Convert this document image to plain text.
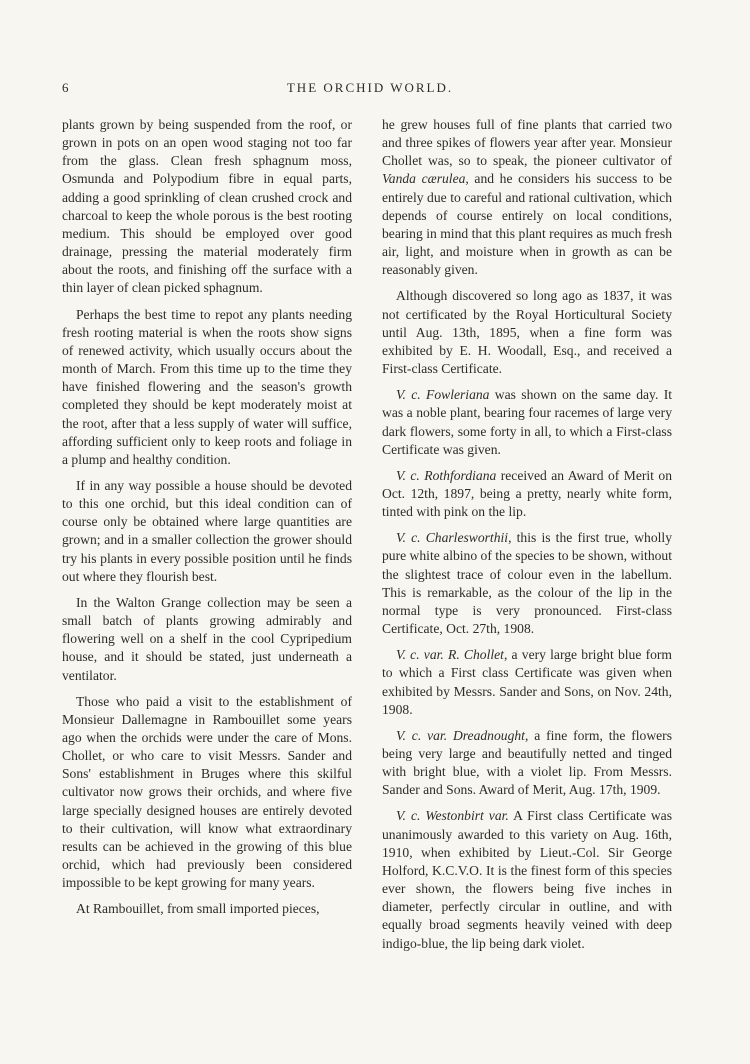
6	THE ORCHID WORLD.

plants grown by being suspended from the roof, or grown in pots on an open wood staging not too far from the glass. Clean fresh sphagnum moss, Osmunda and Polypodium fibre in equal parts, adding a good sprinkling of clean crushed crock and charcoal to keep the whole porous is the best rooting medium. This should be employed over good drainage, pressing the material moderately firm about the roots, and finishing off the surface with a thin layer of clean picked sphagnum.

Perhaps the best time to repot any plants needing fresh rooting material is when the roots show signs of renewed activity, which usually occurs about the month of March. From this time up to the time they have finished flowering and the season's growth completed they should be kept moderately moist at the root, after that a less supply of water will suffice, affording sufficient only to keep roots and foliage in a plump and healthy condition.

If in any way possible a house should be devoted to this one orchid, but this ideal condition can of course only be obtained where large quantities are grown; and in a smaller collection the grower should try his plants in every possible position until he finds out where they flourish best.

In the Walton Grange collection may be seen a small batch of plants growing admirably and flowering well on a shelf in the cool Cypripedium house, and it should be stated, just underneath a ventilator.

Those who paid a visit to the establishment of Monsieur Dallemagne in Rambouillet some years ago when the orchids were under the care of Mons. Chollet, or who care to visit Messrs. Sander and Sons' establishment in Bruges where this skilful cultivator now grows their orchids, and where five large specially designed houses are entirely devoted to their cultivation, will know what extraordinary results can be achieved in the growing of this blue orchid, which had previously been considered impossible to be kept growing for many years.

At Rambouillet, from small imported pieces,

he grew houses full of fine plants that carried two and three spikes of flowers year after year. Monsieur Chollet was, so to speak, the pioneer cultivator of Vanda cærulea, and he considers his success to be entirely due to careful and rational cultivation, which depends of course entirely on local conditions, bearing in mind that this plant requires as much fresh air, light, and moisture when in growth as can be reasonably given.

Although discovered so long ago as 1837, it was not certificated by the Royal Horticultural Society until Aug. 13th, 1895, when a fine form was exhibited by E. H. Woodall, Esq., and received a First-class Certificate.

V. c. Fowleriana was shown on the same day. It was a noble plant, bearing four racemes of large very dark flowers, some forty in all, to which a First-class Certificate was given.

V. c. Rothfordiana received an Award of Merit on Oct. 12th, 1897, being a pretty, nearly white form, tinted with pink on the lip.

V. c. Charlesworthii, this is the first true, wholly pure white albino of the species to be shown, without the slightest trace of colour even in the labellum. This is remarkable, as the colour of the lip in the normal type is very pronounced. First-class Certificate, Oct. 27th, 1908.

V. c. var. R. Chollet, a very large bright blue form to which a First class Certificate was given when exhibited by Messrs. Sander and Sons, on Nov. 24th, 1908.

V. c. var. Dreadnought, a fine form, the flowers being very large and beautifully netted and tinged with bright blue, with a violet lip. From Messrs. Sander and Sons. Award of Merit, Aug. 17th, 1909.

V. c. Westonbirt var. A First class Certificate was unanimously awarded to this variety on Aug. 16th, 1910, when exhibited by Lieut.-Col. Sir George Holford, K.C.V.O. It is the finest form of this species ever shown, the flowers being five inches in diameter, perfectly circular in outline, and with equally broad segments heavily veined with deep indigo-blue, the lip being dark violet.
